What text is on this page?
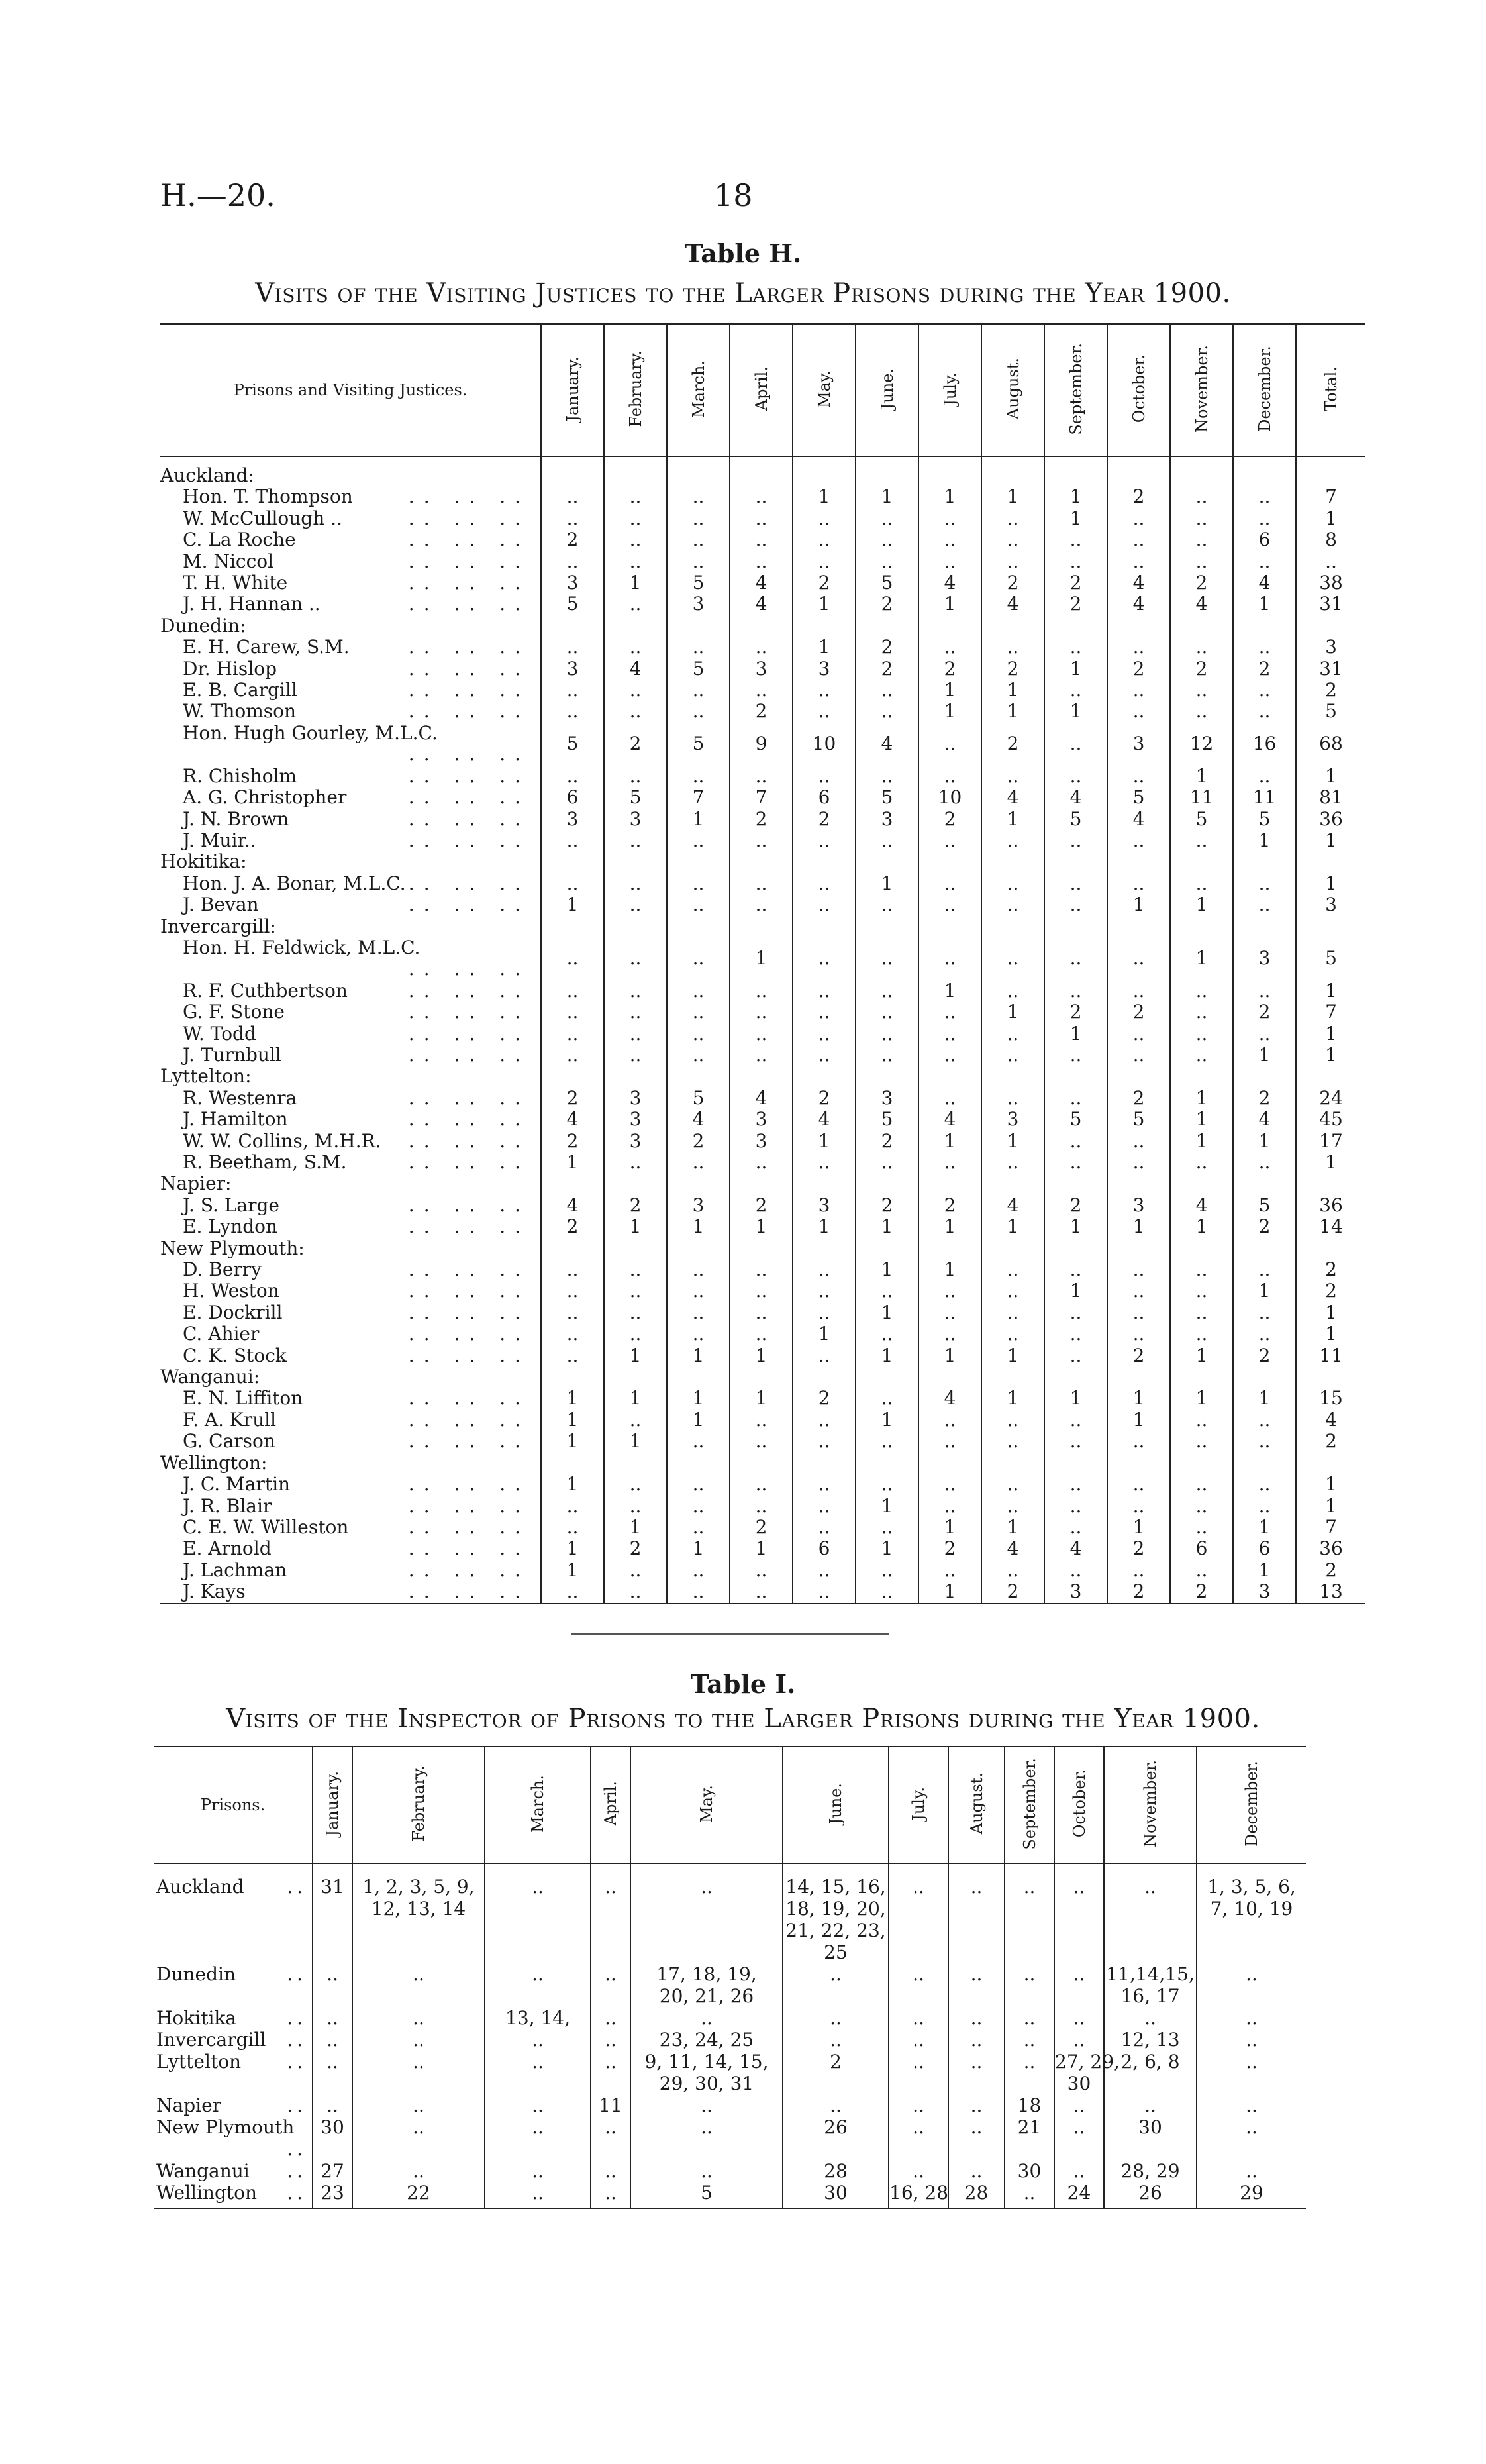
H.—20.	18
Table H.
Visits of the Visiting Justices to the Larger Prisons during the Year 1900.
Prisons and Visiting Justices.	January.	February.	March.	April.	May.	June.	July.	August.	September.	October.	November.	December.	Total.
Auckland:													
Hon. T. Thompson .. .. ..	..	..	..	..	1	1	1	1	1	2	..	..	7
W. McCullough .. .. .. ..	..	..	..	..	..	..	..	..	1	..	..	..	1
C. La Roche .. .. ..	2	..	..	..	..	..	..	..	..	..	..	6	8
M. Niccol .. .. ..	..	..	..	..	..	..	..	..	..	..	..	..	..
T. H. White .. .. ..	3	1	5	4	2	5	4	2	2	4	2	4	38
J. H. Hannan .. .. .. ..	5	..	3	4	1	2	1	4	2	4	4	1	31
Dunedin:													
E. H. Carew, S.M. .. .. ..	..	..	..	..	1	2	..	..	..	..	..	..	3
Dr. Hislop .. .. ..	3	4	5	3	3	2	2	2	1	2	2	2	31
E. B. Cargill .. .. ..	..	..	..	..	..	..	1	1	..	..	..	..	2
W. Thomson .. .. ..	..	..	..	2	..	..	1	1	1	..	..	..	5
Hon. Hugh Gourley, M.L.C.
.. .. ..	5	2	5	9	10	4	..	2	..	3	12	16	68
R. Chisholm .. .. ..	..	..	..	..	..	..	..	..	..	..	1	..	1
A. G. Christopher .. .. ..	6	5	7	7	6	5	10	4	4	5	11	11	81
J. N. Brown .. .. ..	3	3	1	2	2	3	2	1	5	4	5	5	36
J. Muir.. .. .. ..	..	..	..	..	..	..	..	..	..	..	..	1	1
Hokitika:													
Hon. J. A. Bonar, M.L.C. .. .. ..	..	..	..	..	..	1	..	..	..	..	..	..	1
J. Bevan .. .. ..	1	..	..	..	..	..	..	..	..	1	1	..	3
Invercargill:													
Hon. H. Feldwick, M.L.C.
.. .. ..	..	..	..	1	..	..	..	..	..	..	1	3	5
R. F. Cuthbertson .. .. ..	..	..	..	..	..	..	1	..	..	..	..	..	1
G. F. Stone .. .. ..	..	..	..	..	..	..	..	1	2	2	..	2	7
W. Todd .. .. ..	..	..	..	..	..	..	..	..	1	..	..	..	1
J. Turnbull .. .. ..	..	..	..	..	..	..	..	..	..	..	..	1	1
Lyttelton:													
R. Westenra .. .. ..	2	3	5	4	2	3	..	..	..	2	1	2	24
J. Hamilton .. .. ..	4	3	4	3	4	5	4	3	5	5	1	4	45
W. W. Collins, M.H.R. .. .. ..	2	3	2	3	1	2	1	1	..	..	1	1	17
R. Beetham, S.M. .. .. ..	1	..	..	..	..	..	..	..	..	..	..	..	1
Napier:													
J. S. Large .. .. ..	4	2	3	2	3	2	2	4	2	3	4	5	36
E. Lyndon .. .. ..	2	1	1	1	1	1	1	1	1	1	1	2	14
New Plymouth:													
D. Berry .. .. ..	..	..	..	..	..	1	1	..	..	..	..	..	2
H. Weston .. .. ..	..	..	..	..	..	..	..	..	1	..	..	1	2
E. Dockrill .. .. ..	..	..	..	..	..	1	..	..	..	..	..	..	1
C. Ahier .. .. ..	..	..	..	..	1	..	..	..	..	..	..	..	1
C. K. Stock .. .. ..	..	1	1	1	..	1	1	1	..	2	1	2	11
Wanganui:													
E. N. Liffiton .. .. ..	1	1	1	1	2	..	4	1	1	1	1	1	15
F. A. Krull .. .. ..	1	..	1	..	..	1	..	..	..	1	..	..	4
G. Carson .. .. ..	1	1	..	..	..	..	..	..	..	..	..	..	2
Wellington:													
J. C. Martin .. .. ..	1	..	..	..	..	..	..	..	..	..	..	..	1
J. R. Blair .. .. ..	..	..	..	..	..	1	..	..	..	..	..	..	1
C. E. W. Willeston .. .. ..	..	1	..	2	..	..	1	1	..	1	..	1	7
E. Arnold .. .. ..	1	2	1	1	6	1	2	4	4	2	6	6	36
J. Lachman .. .. ..	1	..	..	..	..	..	..	..	..	..	..	1	2
J. Kays .. .. ..	..	..	..	..	..	..	1	2	3	2	2	3	13
Table I.
Visits of the Inspector of Prisons to the Larger Prisons during the Year 1900.
Prisons.	January.	February.	March.	April.	May.	June.	July.	August.	September.	October.	November.	December.
Auckland ..	31	1, 2, 3, 5, 9,
12, 13, 14	..	..	..	14, 15, 16,
18, 19, 20,
21, 22, 23,
25	..	..	..	..	..	1, 3, 5, 6,
7, 10, 19
Dunedin ..	..	..	..	..	17, 18, 19,
20, 21, 26	..	..	..	..	..	11,14,15,
16, 17	..
Hokitika ..	..	..	13, 14,	..	..	..	..	..	..	..	..	..
Invercargill ..	..	..	..	..	23, 24, 25	..	..	..	..	..	12, 13	..
Lyttelton ..	..	..	..	..	9, 11, 14, 15,
29, 30, 31	2	..	..	..	27, 29,
30	2, 6, 8	..
Napier ..	..	..	..	11	..	..	..	..	18	..	..	..
New Plymouth
..	30	..	..	..	..	26	..	..	21	..	30	..
Wanganui ..	27	..	..	..	..	28	..	..	30	..	28, 29	..
Wellington ..	23	22	..	..	5	30	16, 28	28	..	24	26	29
